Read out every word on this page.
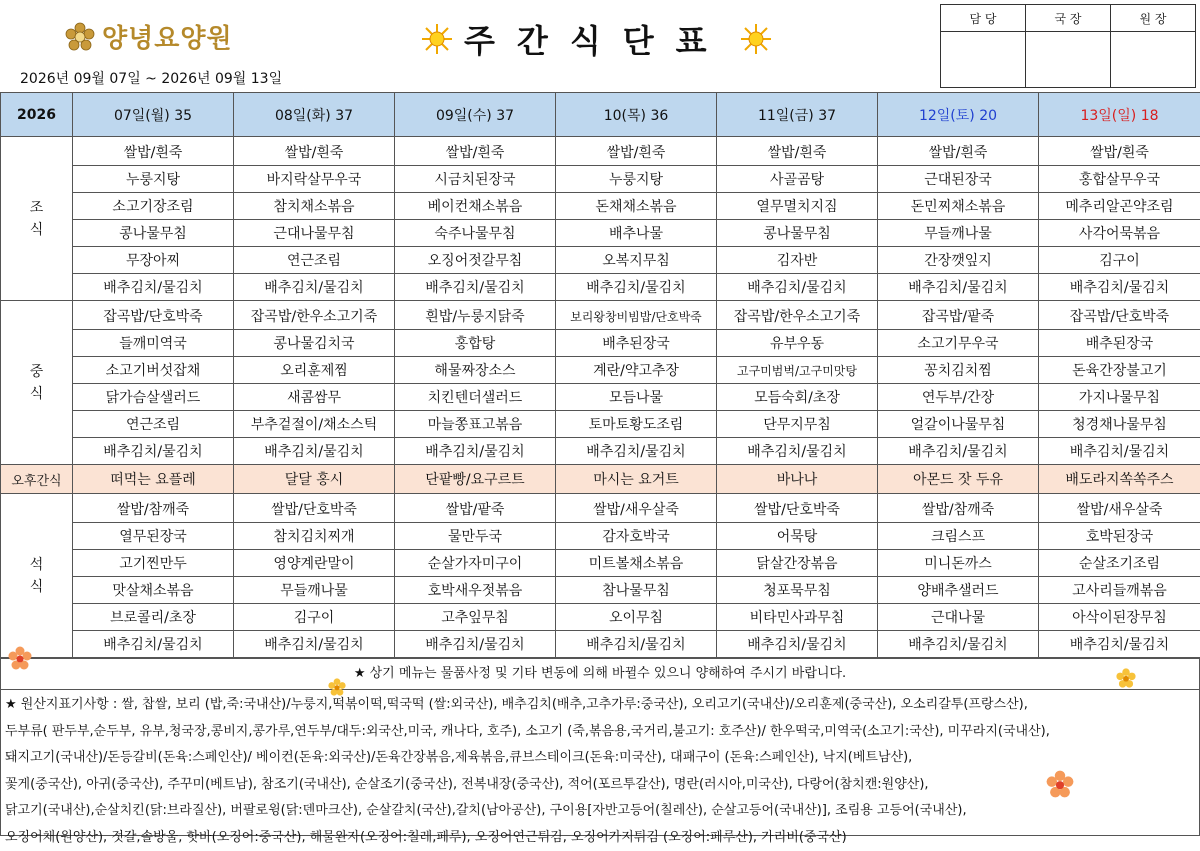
양녕요양원	주간식단표
2026년 09월 07일 ~ 2026년 09월 13일
담 당	국 장	원 장

2026	07일(월) 35	08일(화) 37	09일(수) 37	10(목) 36	11일(금) 37	12일(토) 20	13일(일) 18
조
식	쌀밥/흰죽	쌀밥/흰죽	쌀밥/흰죽	쌀밥/흰죽	쌀밥/흰죽	쌀밥/흰죽	쌀밥/흰죽
	누룽지탕	바지락살무우국	시금치된장국	누룽지탕	사골곰탕	근대된장국	홍합살무우국
	소고기장조림	참치채소볶음	베이컨채소볶음	돈채채소볶음	열무멸치지짐	돈민찌채소볶음	메추리알곤약조림
	콩나물무침	근대나물무침	숙주나물무침	배추나물	콩나물무침	무들깨나물	사각어묵볶음
	무장아찌	연근조림	오징어젓갈무침	오복지무침	김자반	간장깻잎지	김구이
	배추김치/물김치	배추김치/물김치	배추김치/물김치	배추김치/물김치	배추김치/물김치	배추김치/물김치	배추김치/물김치
중
식	잡곡밥/단호박죽	잡곡밥/한우소고기죽	흰밥/누룽지닭죽	보리왕창비빔밥/단호박죽	잡곡밥/한우소고기죽	잡곡밥/팥죽	잡곡밥/단호박죽
	들깨미역국	콩나물김치국	홍합탕	배추된장국	유부우동	소고기무우국	배추된장국
	소고기버섯잡채	오리훈제찜	해물짜장소스	계란/약고추장	고구미범벅/고구미맛탕	꽁치김치찜	돈육간장불고기
	닭가슴살샐러드	새콤쌈무	치킨텐더샐러드	모듬나물	모듬숙회/초장	연두부/간장	가지나물무침
	연근조림	부추겉절이/채소스틱	마늘쫑표고볶음	토마토황도조림	단무지무침	얼갈이나물무침	청경채나물무침
	배추김치/물김치	배추김치/물김치	배추김치/물김치	배추김치/물김치	배추김치/물김치	배추김치/물김치	배추김치/물김치
오후간식	떠먹는 요플레	달달 홍시	단팥빵/요구르트	마시는 요거트	바나나	아몬드 잣 두유	배도라지쏙쏙주스
석
식	쌀밥/참깨죽	쌀밥/단호박죽	쌀밥/팥죽	쌀밥/새우살죽	쌀밥/단호박죽	쌀밥/참깨죽	쌀밥/새우살죽
	열무된장국	참치김치찌개	물만두국	감자호박국	어묵탕	크림스프	호박된장국
	고기찐만두	영양계란말이	순살가자미구이	미트볼채소볶음	닭살간장볶음	미니돈까스	순살조기조림
	맛살채소볶음	무들깨나물	호박새우젓볶음	참나물무침	청포묵무침	양배추샐러드	고사리들깨볶음
	브로콜리/초장	김구이	고추잎무침	오이무침	비타민사과무침	근대나물	아삭이된장무침
	배추김치/물김치	배추김치/물김치	배추김치/물김치	배추김치/물김치	배추김치/물김치	배추김치/물김치	배추김치/물김치
★ 상기 메뉴는 물품사정 및 기타 변동에 의해 바뀔수 있으니 양해하여 주시기 바랍니다.
★ 원산지표기사항 : 쌀, 찹쌀, 보리 (밥,죽:국내산)/누룽지,떡볶이떡,떡국떡 (쌀:외국산), 배추김치(배추,고추가루:중국산), 오리고기(국내산)/오리훈제(중국산), 오소리갈투(프랑스산),
두부류( 판두부,순두부, 유부,청국장,콩비지,콩가루,연두부/대두:외국산,미국, 캐나다, 호주), 소고기 (죽,볶음용,국거리,불고기: 호주산)/ 한우떡국,미역국(소고기:국산), 미꾸라지(국내산),
돼지고기(국내산)/돈등갈비(돈육:스페인산)/ 베이컨(돈육:외국산)/돈육간장볶음,제육볶음,큐브스테이크(돈육:미국산), 대패구이 (돈육:스페인산), 낙지(베트남산),
꽃게(중국산), 아귀(중국산), 주꾸미(베트남), 참조기(국내산), 순살조기(중국산), 전복내장(중국산), 적어(포르투갈산), 명란(러시아,미국산), 다랑어(참치캔:원양산),
닭고기(국내산),순살치킨(닭:브라질산), 버팔로윙(닭:덴마크산), 순살갈치(국산),갈치(남아공산), 구이용[자반고등어(칠레산), 순살고등어(국내산)], 조림용 고등어(국내산),
오징어채(원양산), 젓갈,솔방울, 핫바(오징어:중국산), 해물완자(오징어:칠레,페루), 오징어연근튀김, 오징어가지튀김 (오징어:페루산), 가리비(중국산)
